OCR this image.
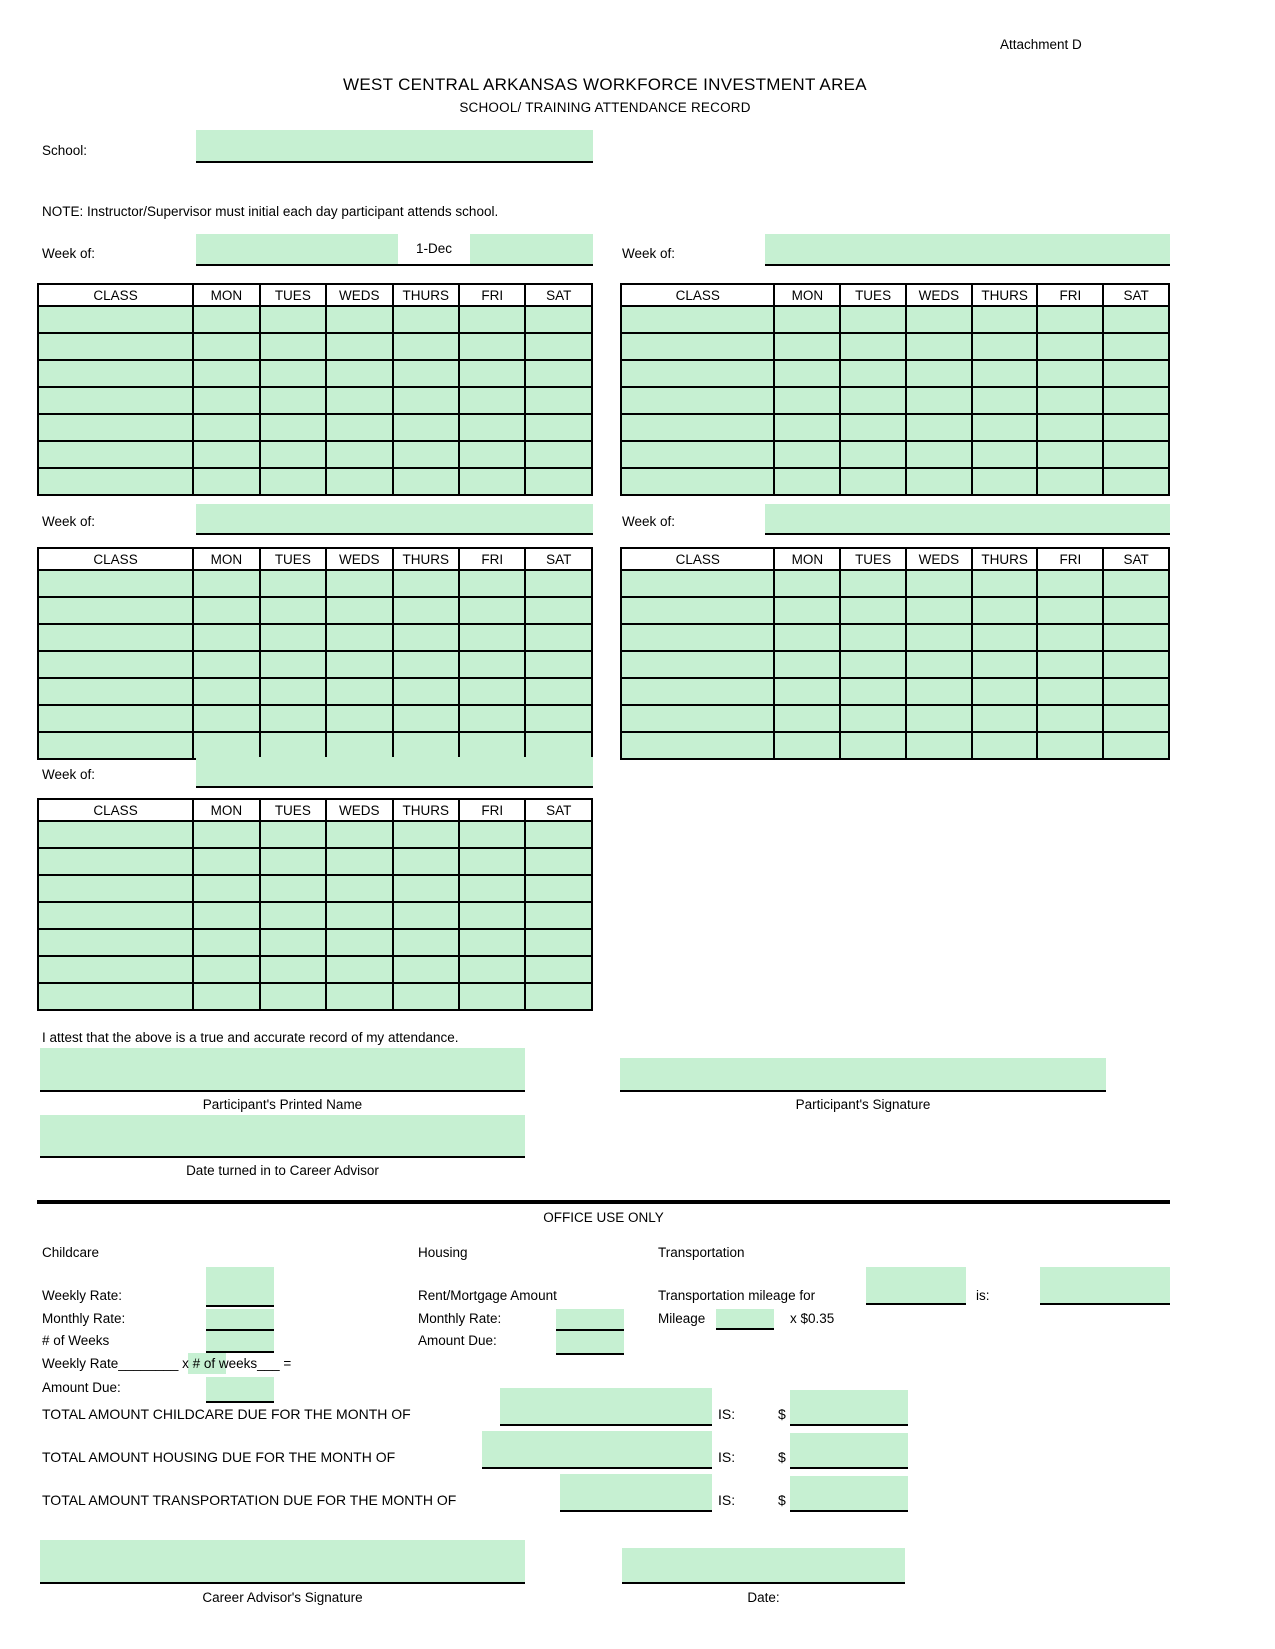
Attachment D
WEST CENTRAL ARKANSAS WORKFORCE INVESTMENT AREA
SCHOOL/ TRAINING ATTENDANCE RECORD
School:
NOTE: Instructor/Supervisor must initial each day participant attends school.
Week of:	1-Dec	Week of:
CLASS	MON	TUES	WEDS	THURS	FRI	SAT

							CLASS	MON	TUES	WEDS	THURS	FRI	SAT

Week of:	Week of:
CLASS	MON	TUES	WEDS	THURS	FRI	SAT

							CLASS	MON	TUES	WEDS	THURS	FRI	SAT

Week of:
CLASS	MON	TUES	WEDS	THURS	FRI	SAT

I attest that the above is a true and accurate record of my attendance.
Participant's Printed Name	Participant's Signature
Date turned in to Career Advisor
OFFICE USE ONLY
Childcare	Housing	Transportation
Weekly Rate:
Monthly Rate:
# of Weeks
Weekly Rate________ x # of weeks___ =
Amount Due:
Rent/Mortgage Amount
Monthly Rate:
Amount Due:
Transportation mileage for	is:
Mileage	x $0.35
TOTAL AMOUNT CHILDCARE DUE FOR THE MONTH OF	IS:	$
TOTAL AMOUNT HOUSING DUE FOR THE MONTH OF	IS:	$
TOTAL AMOUNT TRANSPORTATION DUE FOR THE MONTH OF	IS:	$
Career Advisor's Signature	Date:
